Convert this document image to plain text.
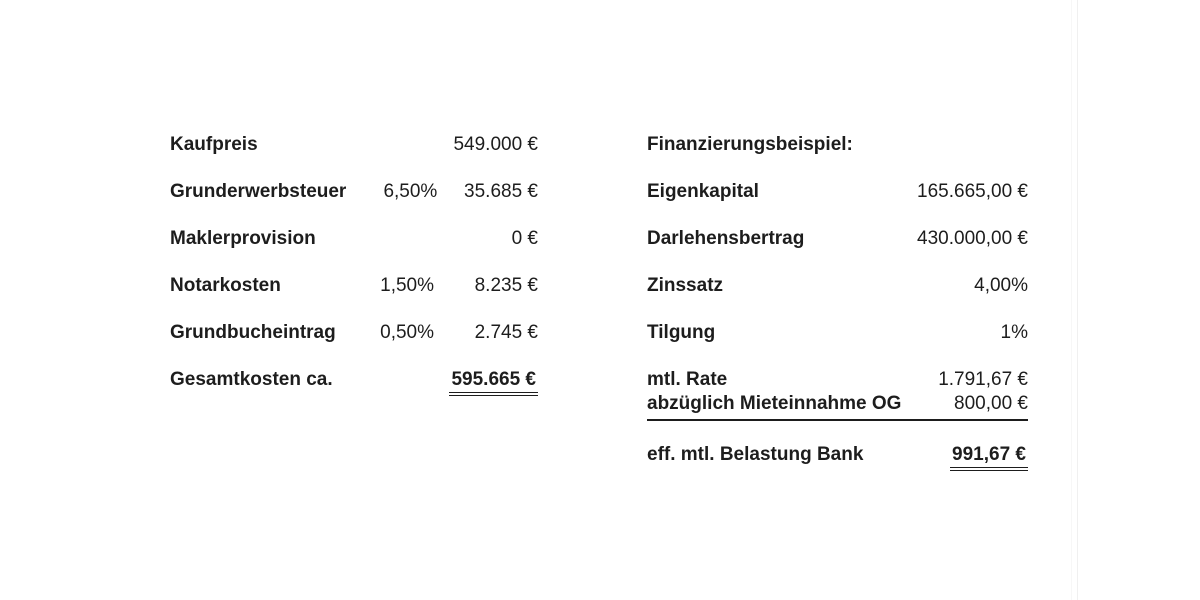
Kaufpreis	549.000 €
Grunderwerbsteuer	6,50%	35.685 €
Maklerprovision	0 €
Notarkosten	1,50%	8.235 €
Grundbucheintrag	0,50%	2.745 €
Gesamtkosten ca.	595.665 €
Finanzierungsbeispiel:
Eigenkapital	165.665,00 €
Darlehensbertrag	430.000,00 €
Zinssatz	4,00%
Tilgung	1%
mtl. Rate	1.791,67 €
abzüglich Mieteinnahme OG	800,00 €
eff. mtl. Belastung Bank	991,67 €
